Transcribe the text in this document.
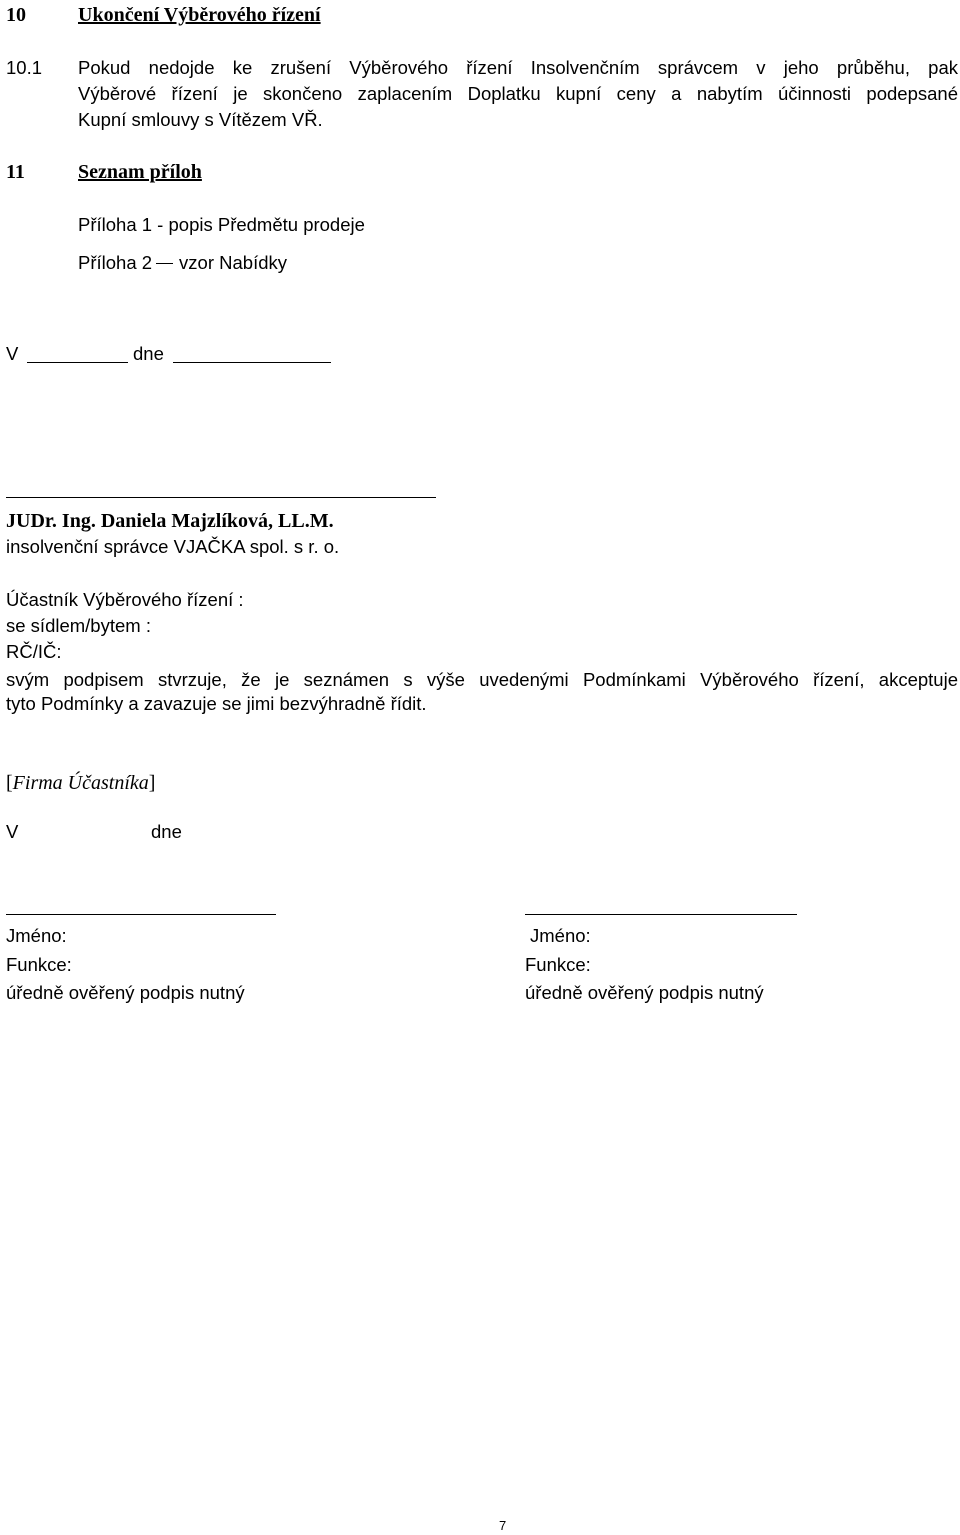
10	Ukončení Výběrového řízení
10.1 Pokud nedojde ke zrušení Výběrového řízení Insolvenčním správcem v jeho průběhu, pak
Výběrové řízení je skončeno zaplacením Doplatku kupní ceny a nabytím účinnosti podepsané
Kupní smlouvy s Vítězem VŘ.
11	Seznam příloh
Příloha 1 - popis Předmětu prodeje
Příloha 2 vzor Nabídky
V	dne
JUDr. Ing. Daniela Majzlíková, LL.M.
insolvenční správce VJAČKA spol. s r. o.
Účastník Výběrového řízení :
se sídlem/bytem :
RČ/IČ:
svým podpisem stvrzuje, že je seznámen s výše uvedenými Podmínkami Výběrového řízení, akceptuje
tyto Podmínky a zavazuje se jimi bezvýhradně řídit.
[Firma Účastníka]
V	dne
Jméno:
Funkce:
úředně ověřený podpis nutný
Jméno:
Funkce:
úředně ověřený podpis nutný
7
